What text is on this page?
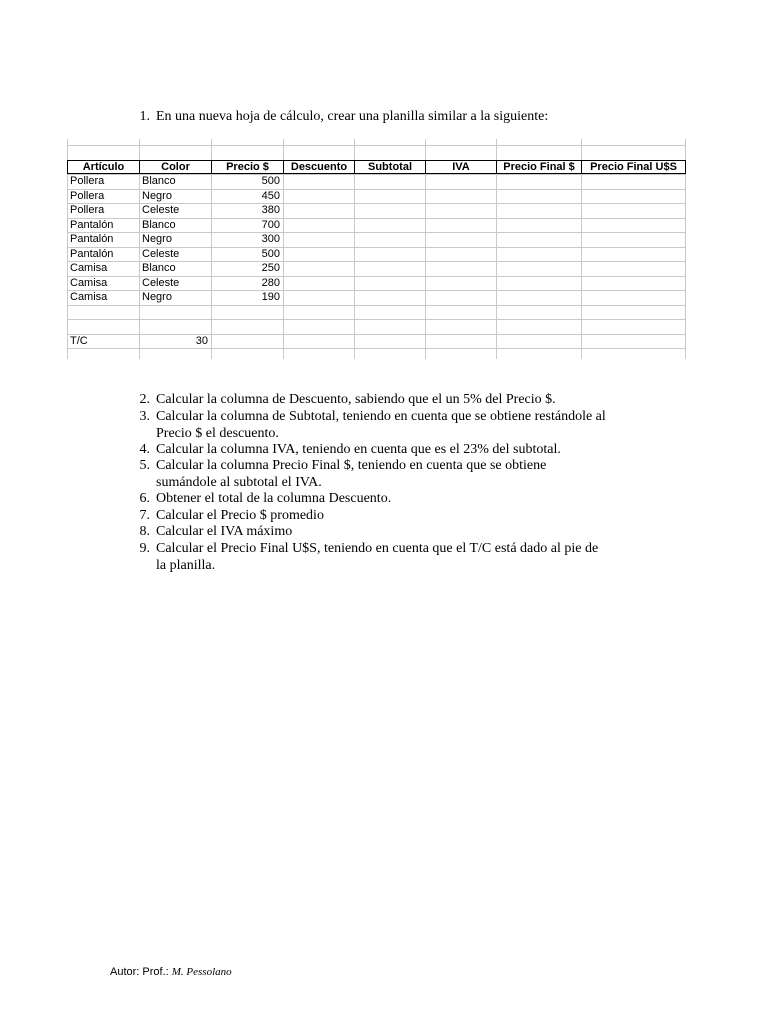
1. En una nueva hoja de cálculo, crear una planilla similar a la siguiente:
Artículo	Color	Precio $	Descuento	Subtotal	IVA	Precio Final $	Precio Final U$S
Pollera	Blanco	500
Pollera	Negro	450
Pollera	Celeste	380
Pantalón	Blanco	700
Pantalón	Negro	300
Pantalón	Celeste	500
Camisa	Blanco	250
Camisa	Celeste	280
Camisa	Negro	190
T/C	30
2. Calcular la columna de Descuento, sabiendo que el un 5% del Precio $.
3. Calcular la columna de Subtotal, teniendo en cuenta que se obtiene restándole al
Precio $ el descuento.
4. Calcular la columna IVA, teniendo en cuenta que es el 23% del subtotal.
5. Calcular la columna Precio Final $, teniendo en cuenta que se obtiene
sumándole al subtotal el IVA.
6. Obtener el total de la columna Descuento.
7. Calcular el Precio $ promedio
8. Calcular el IVA máximo
9. Calcular el Precio Final U$S, teniendo en cuenta que el T/C está dado al pie de
la planilla.
Autor: Prof.: M. Pessolano
